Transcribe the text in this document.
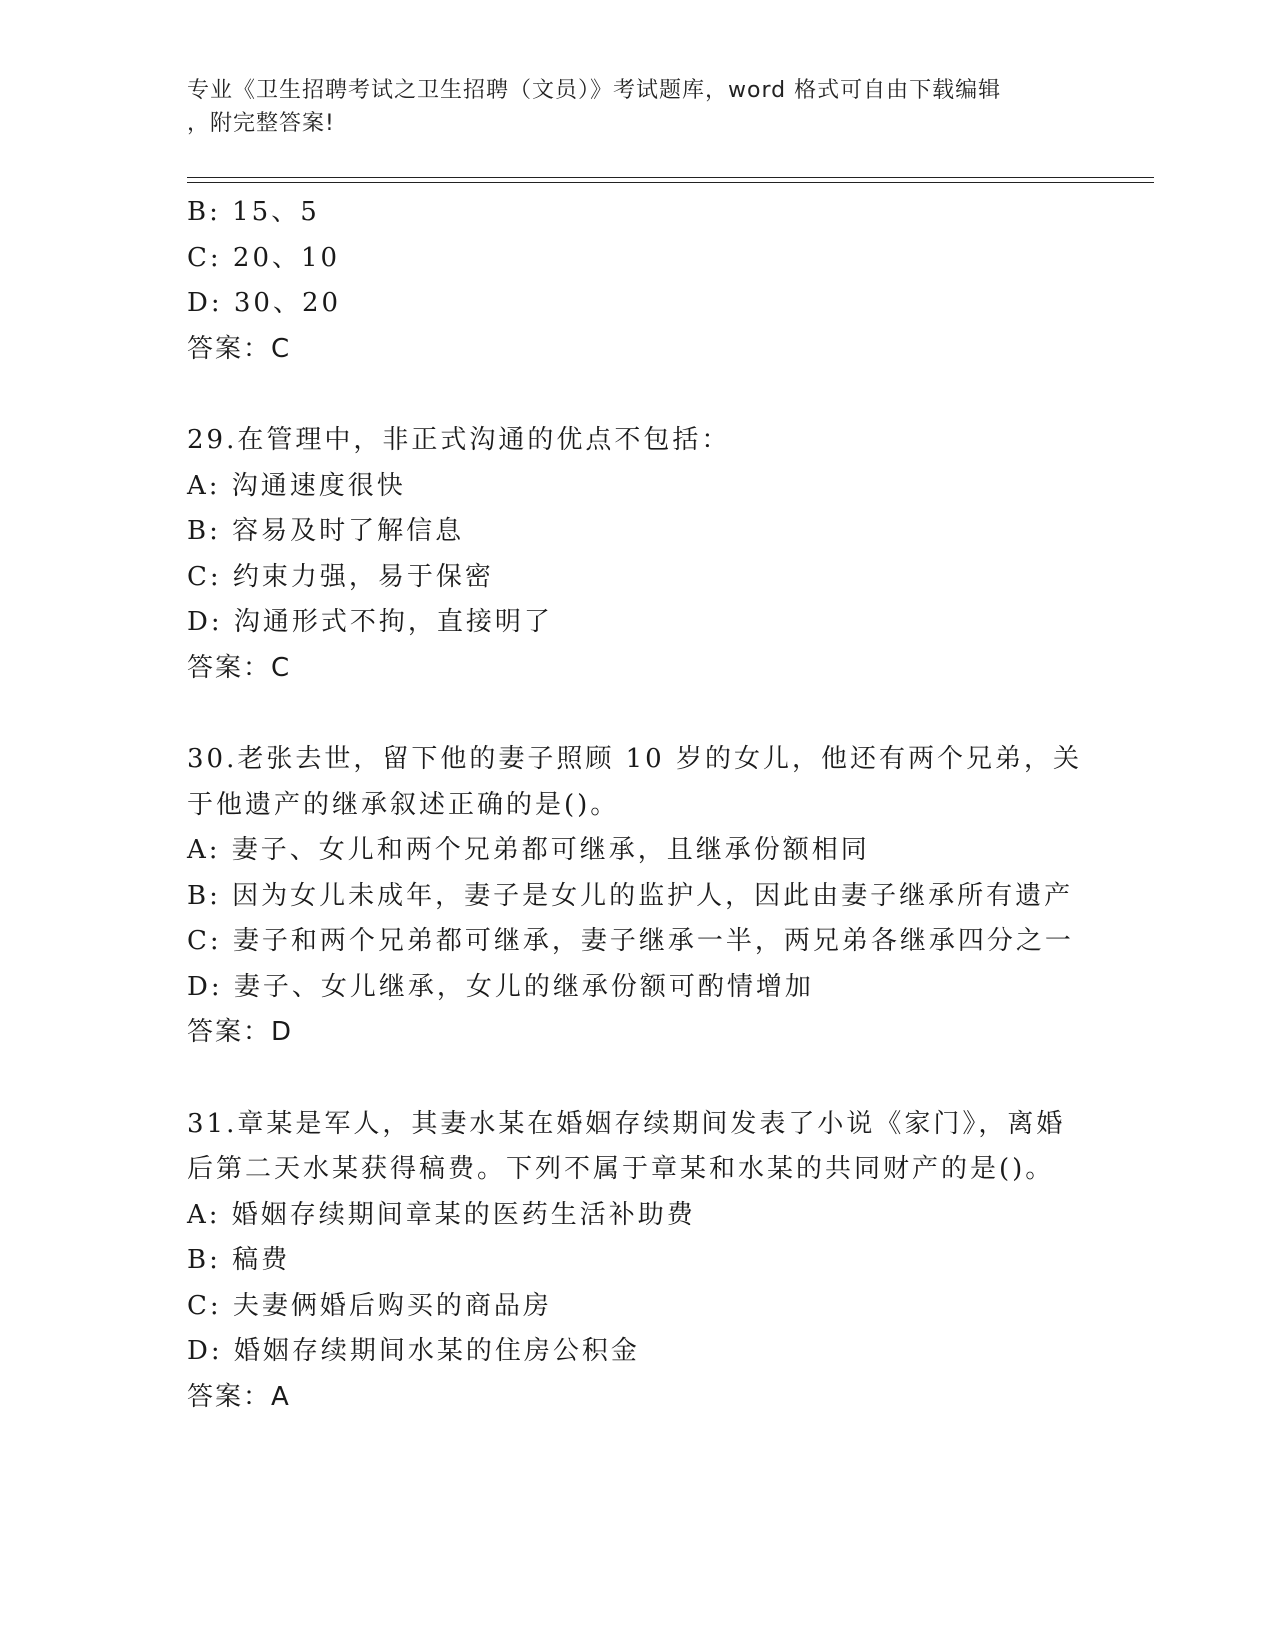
专业《卫生招聘考试之卫生招聘（文员）》考试题库，word 格式可自由下载编辑
，附完整答案!
B: 15、5
C: 20、10
D: 30、20
答案：C
29.在管理中，非正式沟通的优点不包括：
A: 沟通速度很快
B: 容易及时了解信息
C: 约束力强，易于保密
D: 沟通形式不拘，直接明了
答案：C
30.老张去世，留下他的妻子照顾 10 岁的女儿，他还有两个兄弟，关
于他遗产的继承叙述正确的是()。
A: 妻子、女儿和两个兄弟都可继承，且继承份额相同
B: 因为女儿未成年，妻子是女儿的监护人，因此由妻子继承所有遗产
C: 妻子和两个兄弟都可继承，妻子继承一半，两兄弟各继承四分之一
D: 妻子、女儿继承，女儿的继承份额可酌情增加
答案：D
31.章某是军人，其妻水某在婚姻存续期间发表了小说《家门》，离婚
后第二天水某获得稿费。下列不属于章某和水某的共同财产的是()。
A: 婚姻存续期间章某的医药生活补助费
B: 稿费
C: 夫妻俩婚后购买的商品房
D: 婚姻存续期间水某的住房公积金
答案：A
